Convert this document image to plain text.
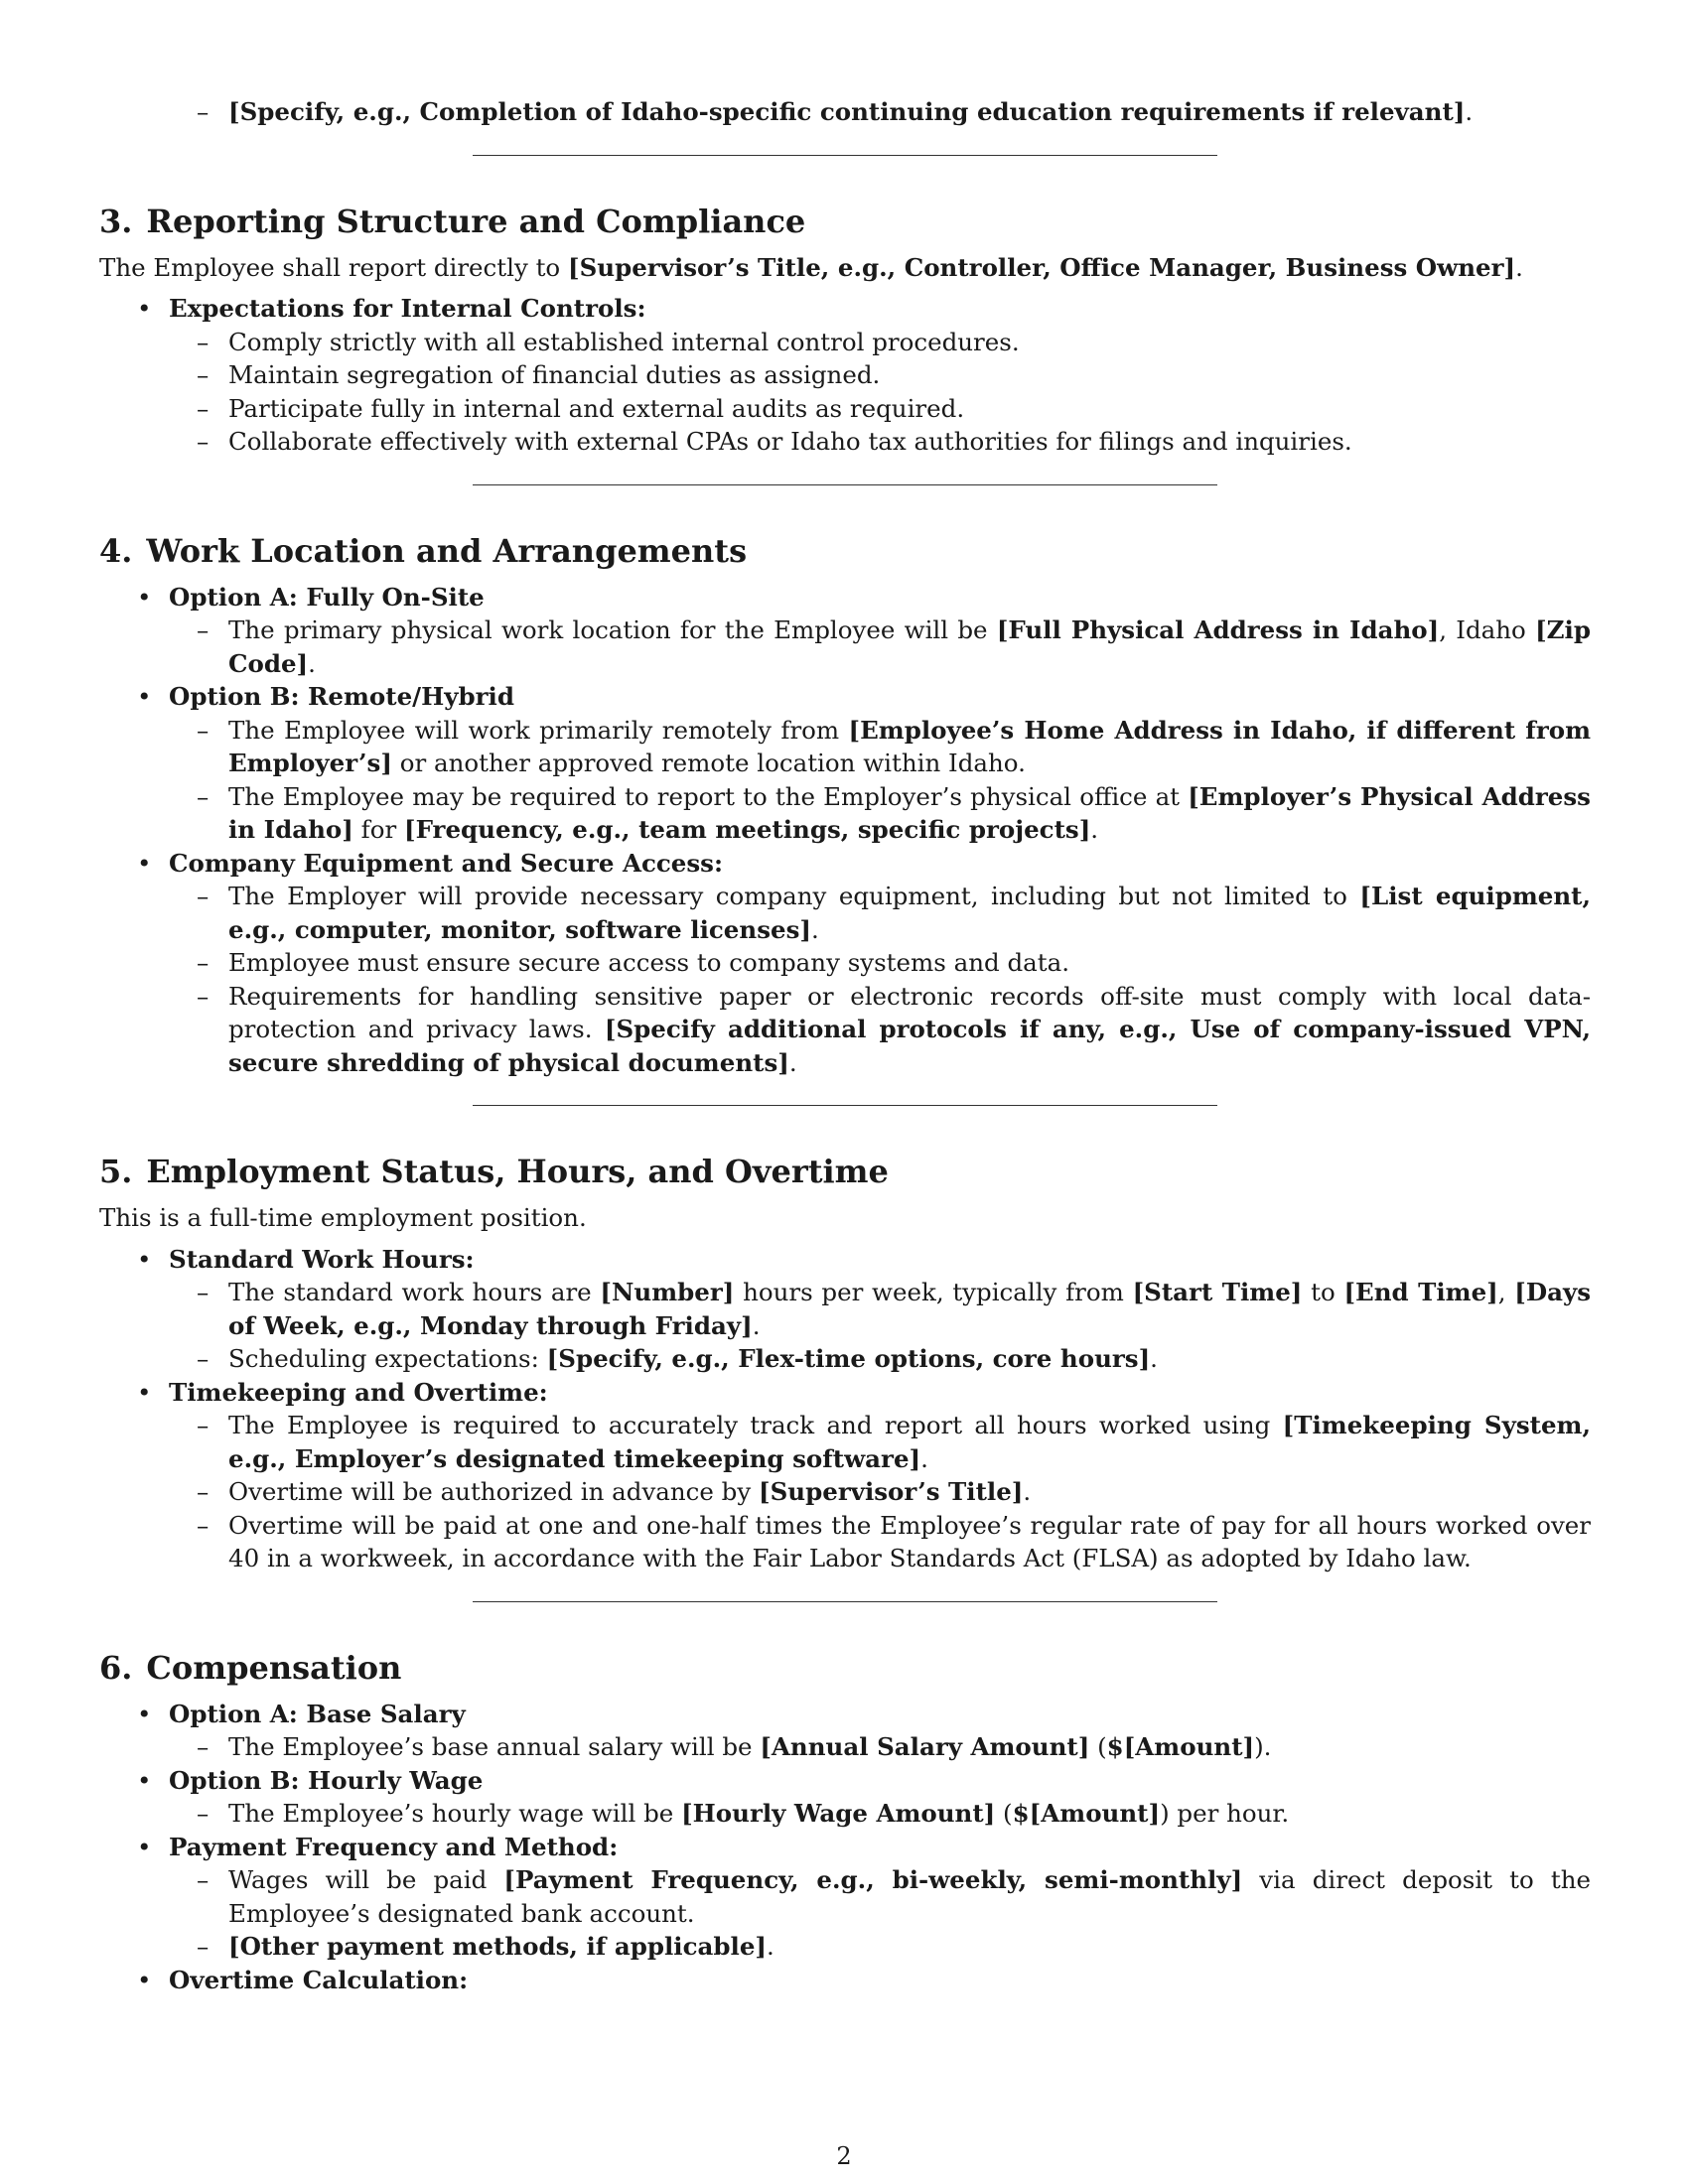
– [Specify, e.g., Completion of Idaho-specific continuing education requirements if relevant].
3. Reporting Structure and Compliance

The Employee shall report directly to [Supervisor’s Title, e.g., Controller, Office Manager, Business Owner].

• Expectations for Internal Controls:
– Comply strictly with all established internal control procedures.
– Maintain segregation of financial duties as assigned.
– Participate fully in internal and external audits as required.
– Collaborate effectively with external CPAs or Idaho tax authorities for filings and inquiries.
4. Work Location and Arrangements
• Option A: Fully On-Site
– The primary physical work location for the Employee will be [Full Physical Address in Idaho], Idaho [Zip Code].
• Option B: Remote/Hybrid
– The Employee will work primarily remotely from [Employee’s Home Address in Idaho, if different from Employer’s] or another approved remote location within Idaho.
– The Employee may be required to report to the Employer’s physical office at [Employer’s Physical Address in Idaho] for [Frequency, e.g., team meetings, specific projects].
• Company Equipment and Secure Access:
– The Employer will provide necessary company equipment, including but not limited to [List equipment, e.g., computer, monitor, software licenses].
– Employee must ensure secure access to company systems and data.
– Requirements for handling sensitive paper or electronic records off-site must comply with local data-protection and privacy laws. [Specify additional protocols if any, e.g., Use of company-issued VPN, secure shredding of physical documents].
5. Employment Status, Hours, and Overtime

This is a full-time employment position.

• Standard Work Hours:
– The standard work hours are [Number] hours per week, typically from [Start Time] to [End Time], [Days of Week, e.g., Monday through Friday].
– Scheduling expectations: [Specify, e.g., Flex-time options, core hours].
• Timekeeping and Overtime:
– The Employee is required to accurately track and report all hours worked using [Timekeeping System, e.g., Employer’s designated timekeeping software].
– Overtime will be authorized in advance by [Supervisor’s Title].
– Overtime will be paid at one and one-half times the Employee’s regular rate of pay for all hours worked over 40 in a workweek, in accordance with the Fair Labor Standards Act (FLSA) as adopted by Idaho law.
6. Compensation
• Option A: Base Salary
– The Employee’s base annual salary will be [Annual Salary Amount] ($[Amount]).
• Option B: Hourly Wage
– The Employee’s hourly wage will be [Hourly Wage Amount] ($[Amount]) per hour.
• Payment Frequency and Method:
– Wages will be paid [Payment Frequency, e.g., bi-weekly, semi-monthly] via direct deposit to the Employee’s designated bank account.
– [Other payment methods, if applicable].
• Overtime Calculation:
2
